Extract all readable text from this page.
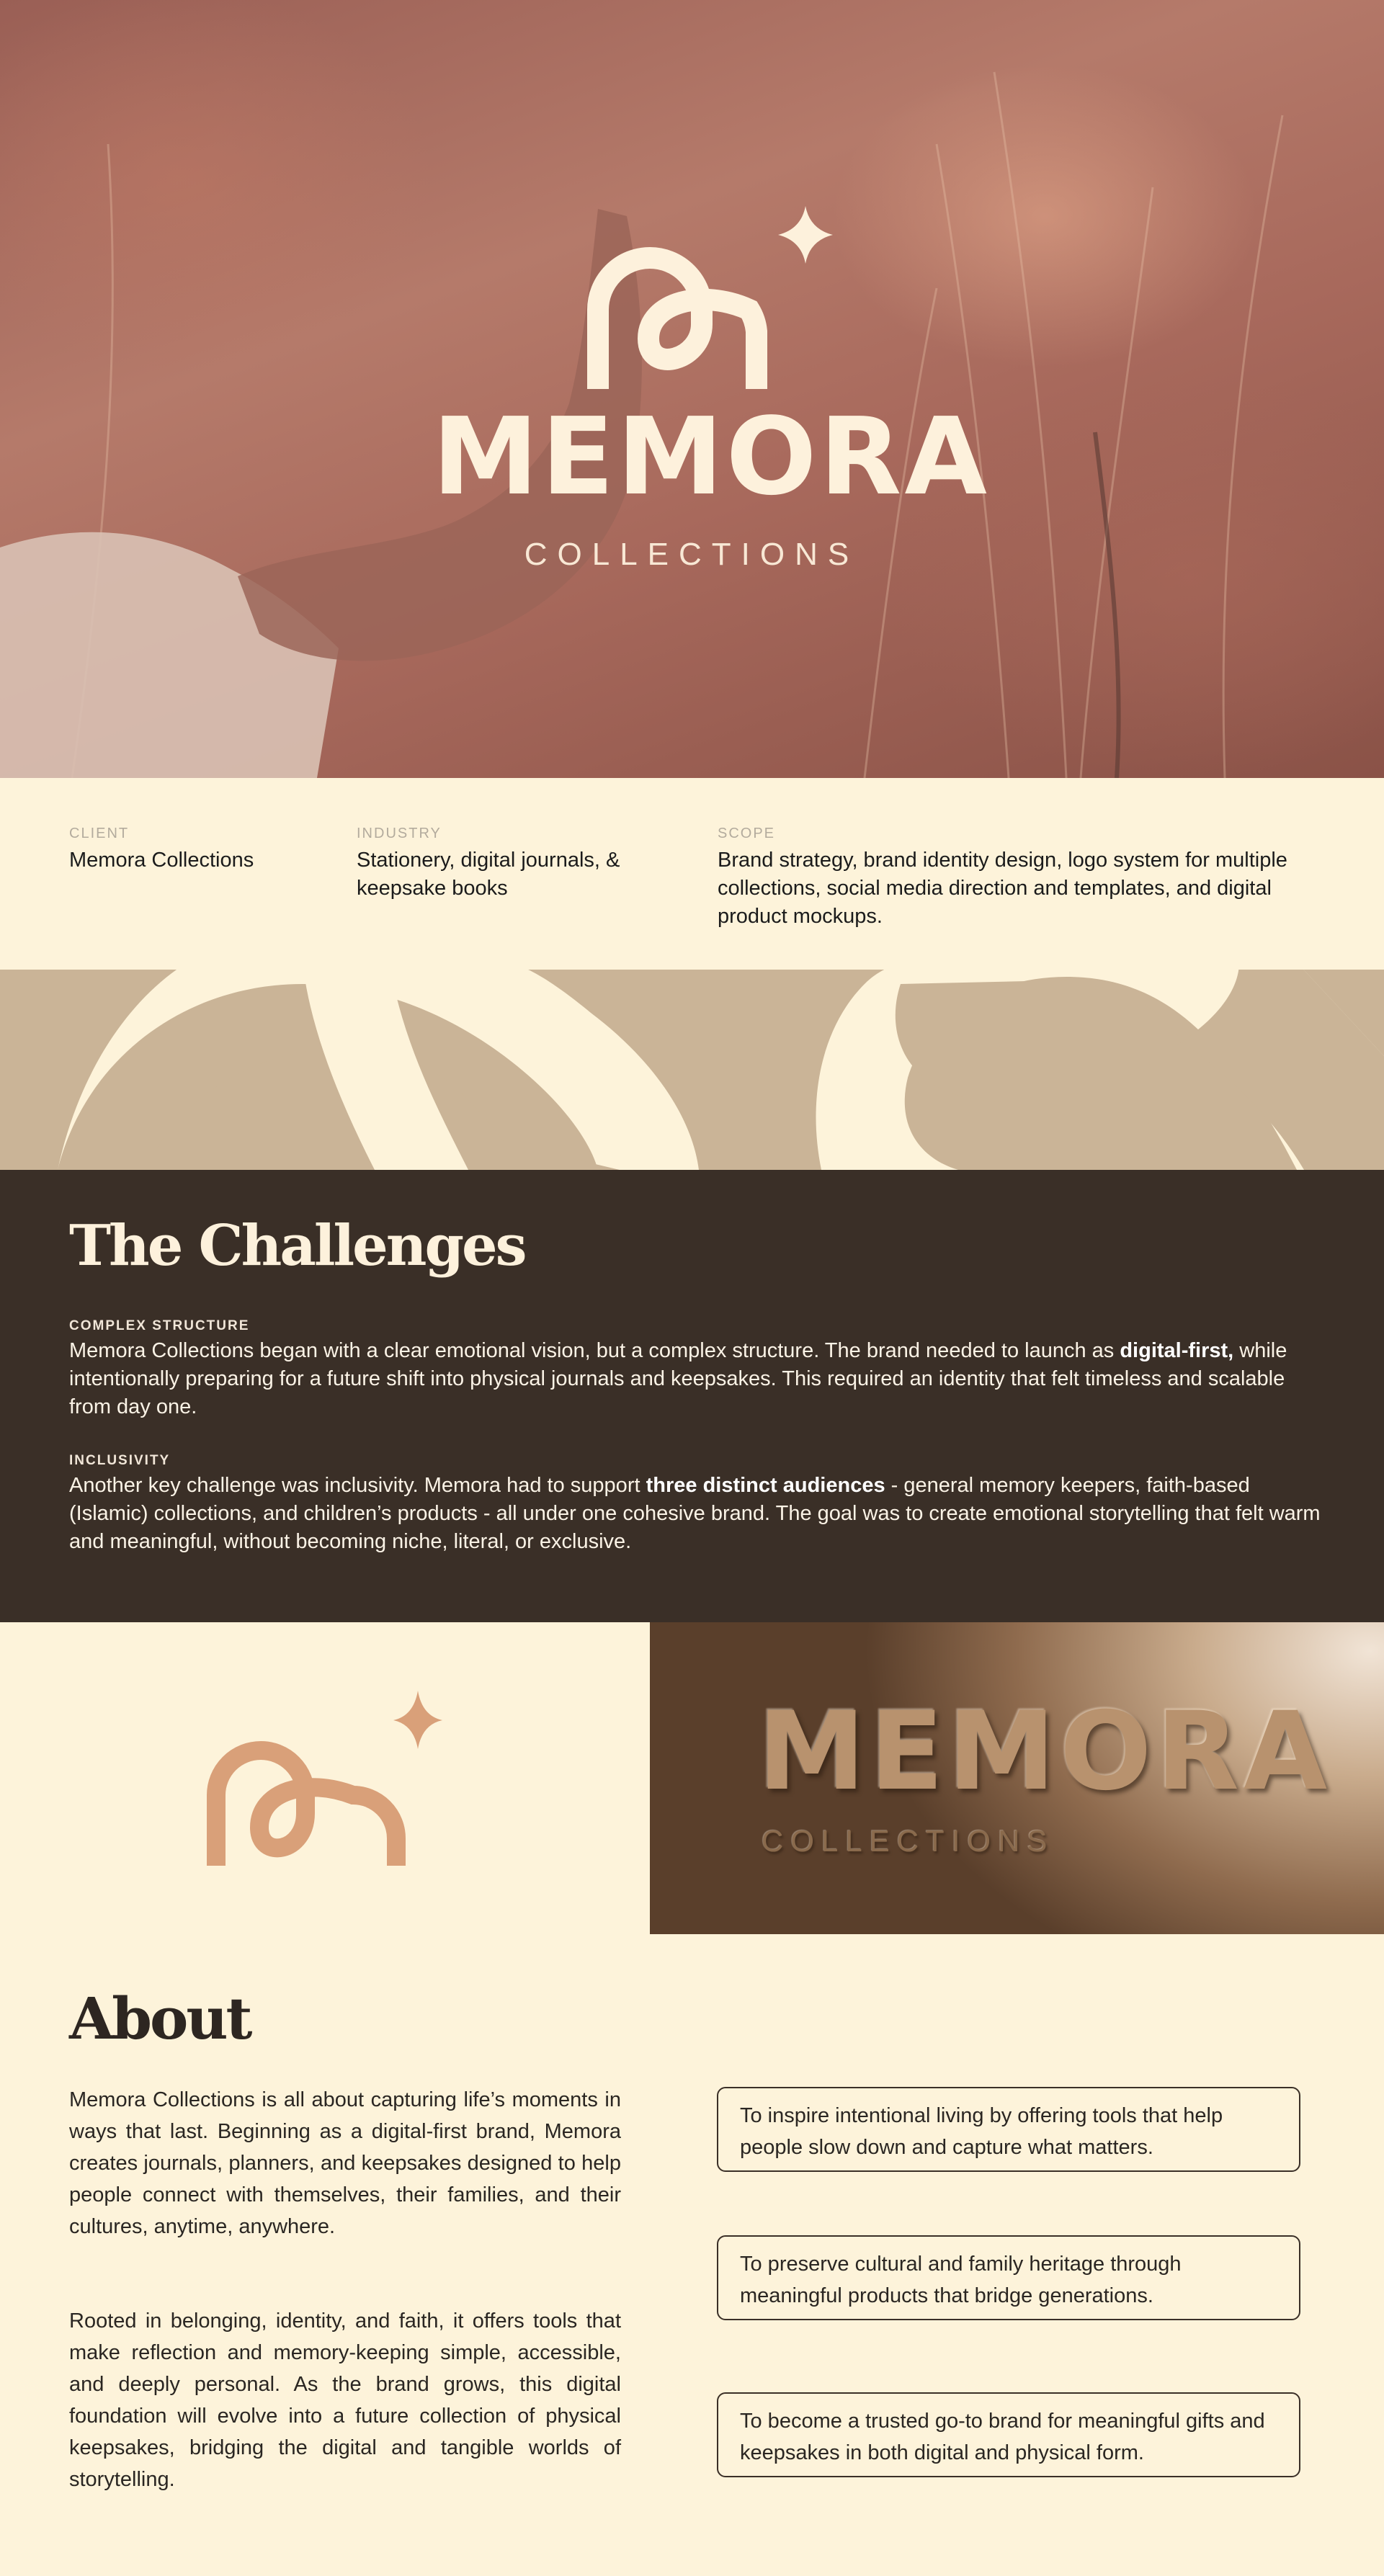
MEMORA
COLLECTIONS
CLIENT
Memora Collections
INDUSTRY
Stationery, digital journals, & keepsake books
SCOPE
Brand strategy, brand identity design, logo system for multiple collections, social media direction and templates, and digital product mockups.
The Challenges
COMPLEX STRUCTURE

Memora Collections began with a clear emotional vision, but a complex structure. The brand needed to launch as digital-first, while intentionally preparing for a future shift into physical journals and keepsakes. This required an identity that felt timeless and scalable from day one.

INCLUSIVITY

Another key challenge was inclusivity. Memora had to support three distinct audiences - general memory keepers, faith-based (Islamic) collections, and children’s products - all under one cohesive brand. The goal was to create emotional storytelling that felt warm and meaningful, without becoming niche, literal, or exclusive.

MEMORA
COLLECTIONS
About

Memora Collections is all about capturing life’s moments in ways that last. Beginning as a digital-first brand, Memora creates journals, planners, and keepsakes designed to help people connect with themselves, their families, and their cultures, anytime, anywhere.

Rooted in belonging, identity, and faith, it offers tools that make reflection and memory-keeping simple, accessible, and deeply personal. As the brand grows, this digital foundation will evolve into a future collection of physical keepsakes, bridging the digital and tangible worlds of storytelling.

To inspire intentional living by offering tools that help people slow down and capture what matters.
To preserve cultural and family heritage through meaningful products that bridge generations.
To become a trusted go-to brand for meaningful gifts and keepsakes in both digital and physical form.
